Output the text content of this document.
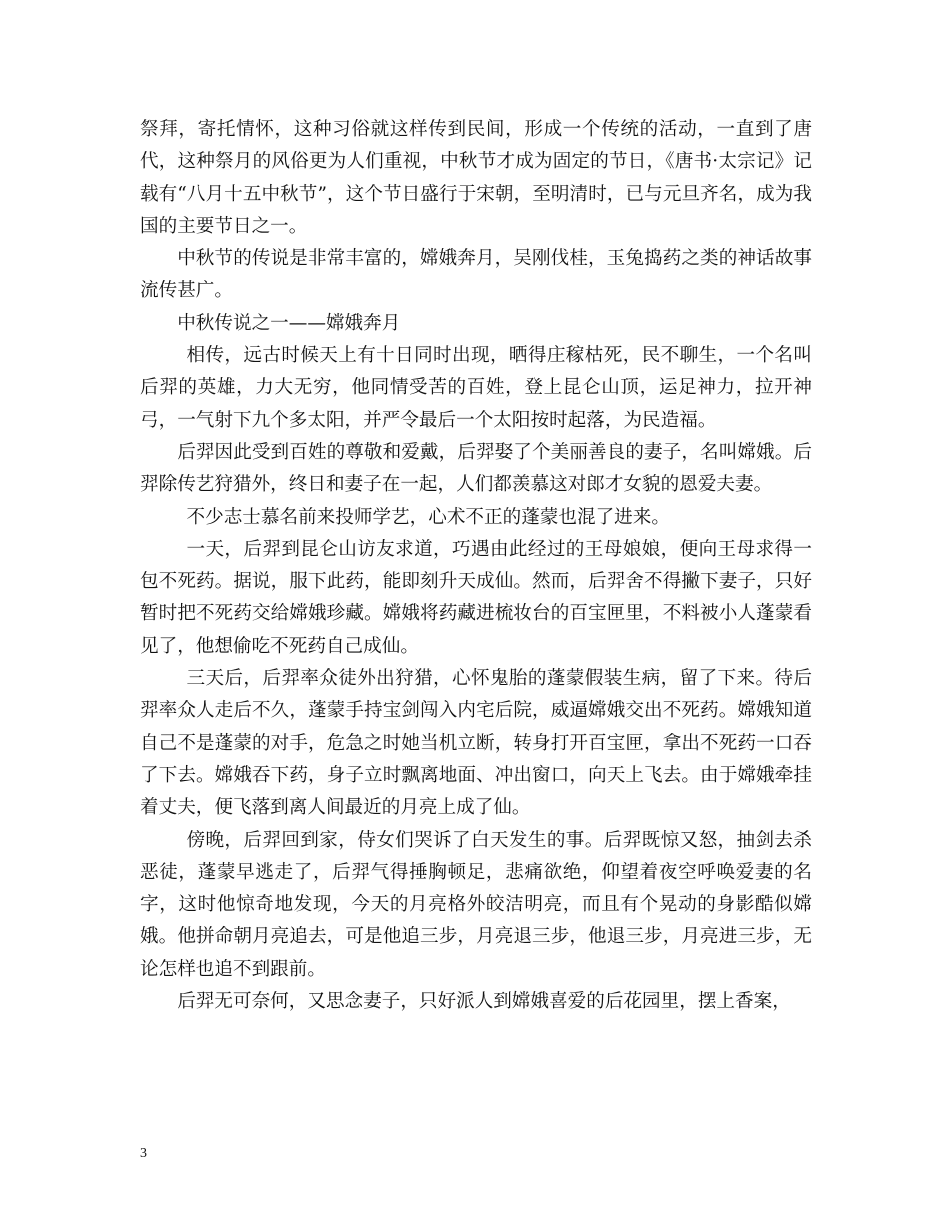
祭拜，寄托情怀，这种习俗就这样传到民间，形成一个传统的活动，一直到了唐代，这种祭月的风俗更为人们重视，中秋节才成为固定的节日，《唐书·太宗记》记载有“八月十五中秋节”，这个节日盛行于宋朝，至明清时，已与元旦齐名，成为我国的主要节日之一。

中秋节的传说是非常丰富的，嫦娥奔月，吴刚伐桂，玉兔捣药之类的神话故事流传甚广。

中秋传说之一——嫦娥奔月

相传，远古时候天上有十日同时出现，晒得庄稼枯死，民不聊生，一个名叫后羿的英雄，力大无穷，他同情受苦的百姓，登上昆仑山顶，运足神力，拉开神弓，一气射下九个多太阳，并严令最后一个太阳按时起落，为民造福。

后羿因此受到百姓的尊敬和爱戴，后羿娶了个美丽善良的妻子，名叫嫦娥。后羿除传艺狩猎外，终日和妻子在一起，人们都羡慕这对郎才女貌的恩爱夫妻。

不少志士慕名前来投师学艺，心术不正的蓬蒙也混了进来。

一天，后羿到昆仑山访友求道，巧遇由此经过的王母娘娘，便向王母求得一包不死药。据说，服下此药，能即刻升天成仙。然而，后羿舍不得撇下妻子，只好暂时把不死药交给嫦娥珍藏。嫦娥将药藏进梳妆台的百宝匣里，不料被小人蓬蒙看见了，他想偷吃不死药自己成仙。

三天后，后羿率众徒外出狩猎，心怀鬼胎的蓬蒙假装生病，留了下来。待后羿率众人走后不久，蓬蒙手持宝剑闯入内宅后院，威逼嫦娥交出不死药。嫦娥知道自己不是蓬蒙的对手，危急之时她当机立断，转身打开百宝匣，拿出不死药一口吞了下去。嫦娥吞下药，身子立时飘离地面、冲出窗口，向天上飞去。由于嫦娥牵挂着丈夫，便飞落到离人间最近的月亮上成了仙。

傍晚，后羿回到家，侍女们哭诉了白天发生的事。后羿既惊又怒，抽剑去杀恶徒，蓬蒙早逃走了，后羿气得捶胸顿足，悲痛欲绝，仰望着夜空呼唤爱妻的名字，这时他惊奇地发现，今天的月亮格外皎洁明亮，而且有个晃动的身影酷似嫦娥。他拼命朝月亮追去，可是他追三步，月亮退三步，他退三步，月亮进三步，无论怎样也追不到跟前。

后羿无可奈何，又思念妻子，只好派人到嫦娥喜爱的后花园里，摆上香案，

3
